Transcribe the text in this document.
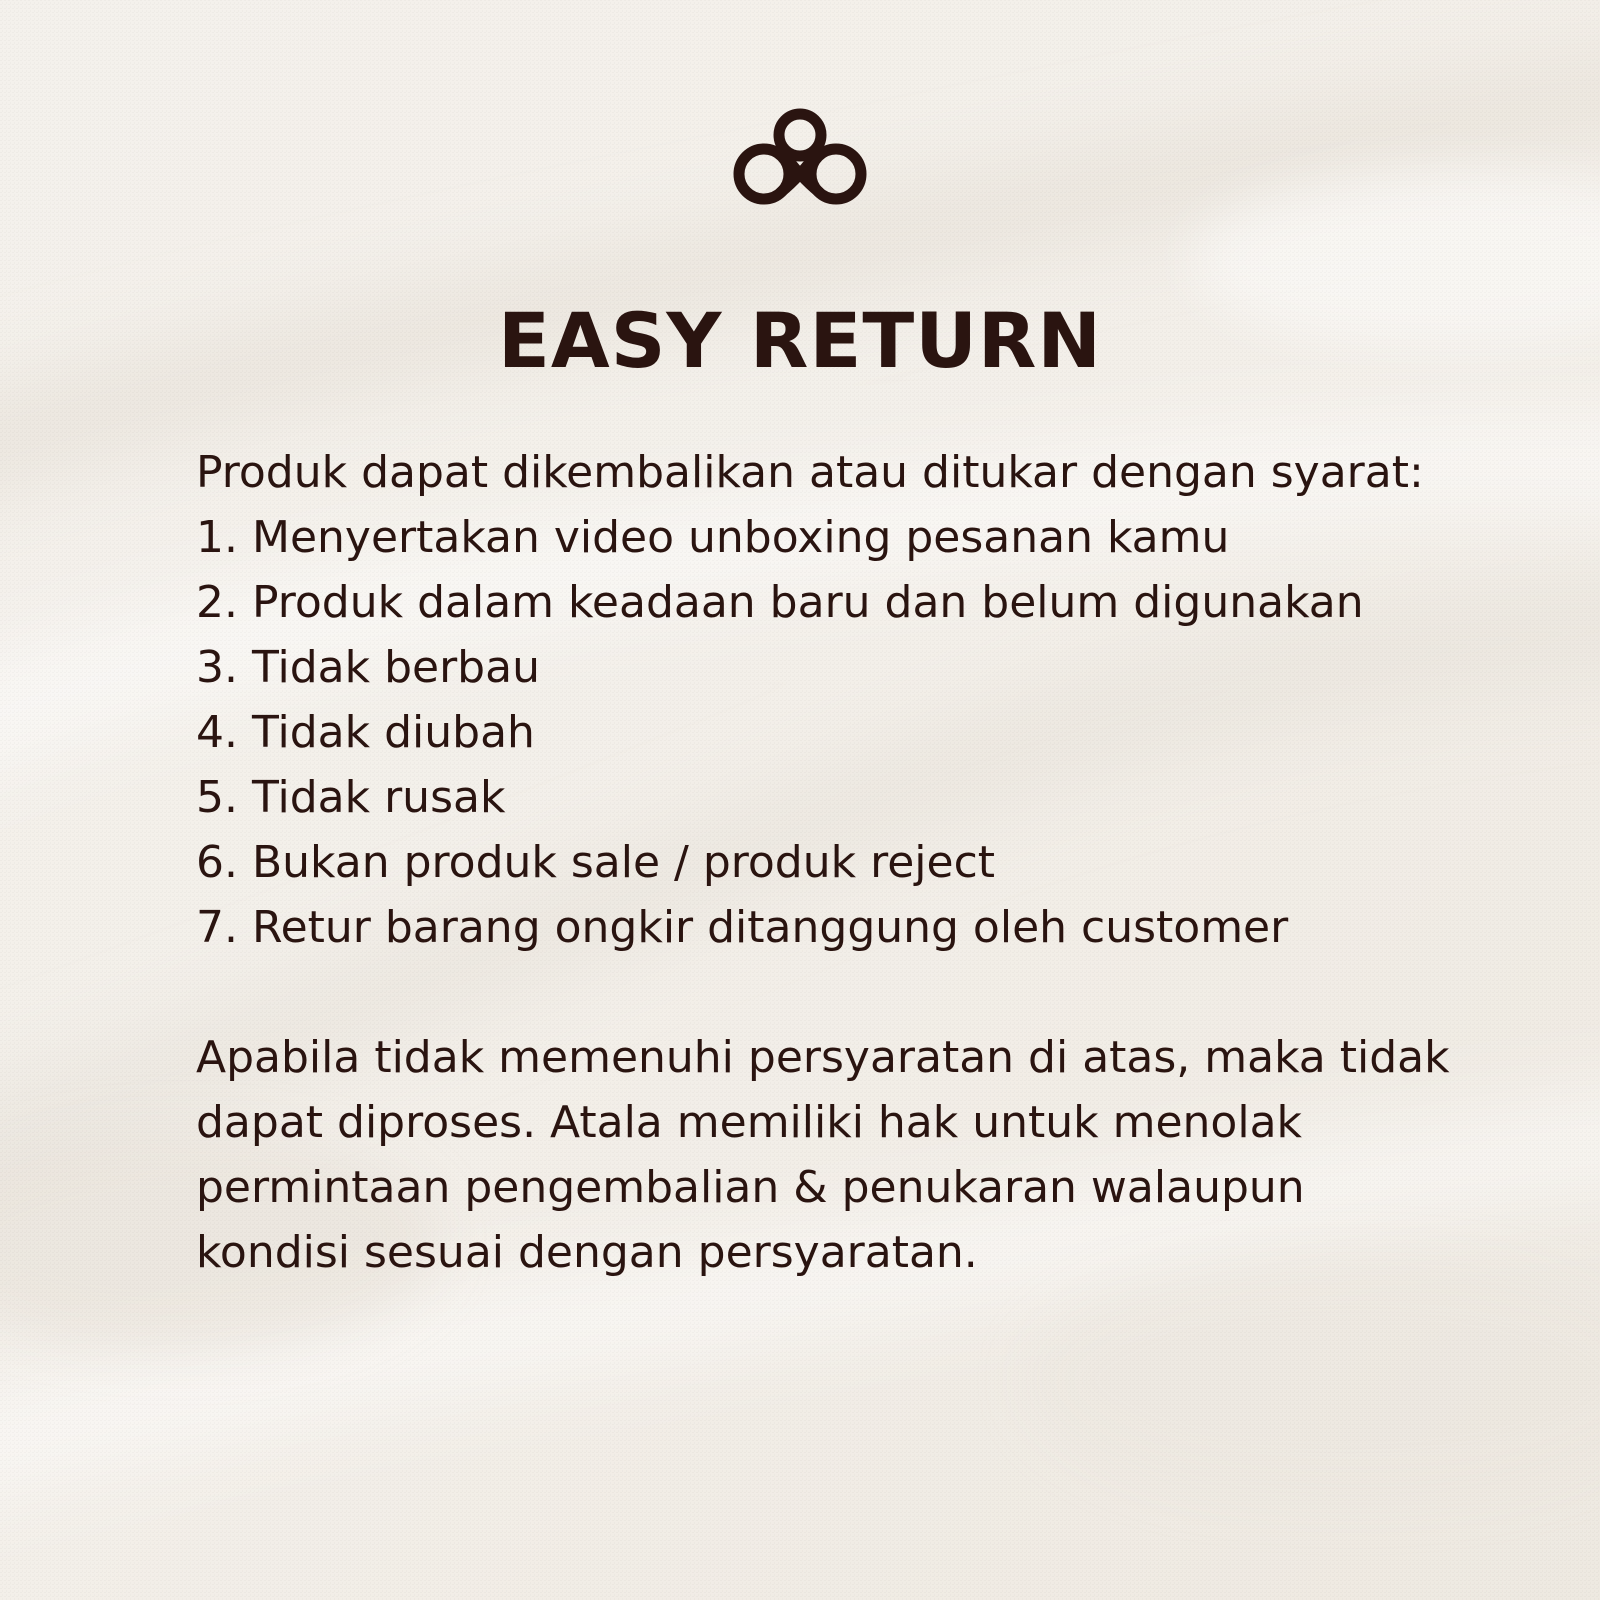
EASY RETURN
Produk dapat dikembalikan atau ditukar dengan syarat:
1 . Menyertakan video unboxing pesanan kamu
2 . Produk dalam keadaan baru dan belum digunakan
3 . Tidak berbau
4 . Tidak diubah
5 . Tidak rusak
6 . Bukan produk sale / produk reject
7 . Retur barang ongkir ditanggung oleh customer
Apabila tidak memenuhi persyaratan di atas, maka tidak
dapat diproses. Atala memiliki hak untuk menolak
permintaan pengembalian & penukaran walaupun
kondisi sesuai dengan persyaratan.
